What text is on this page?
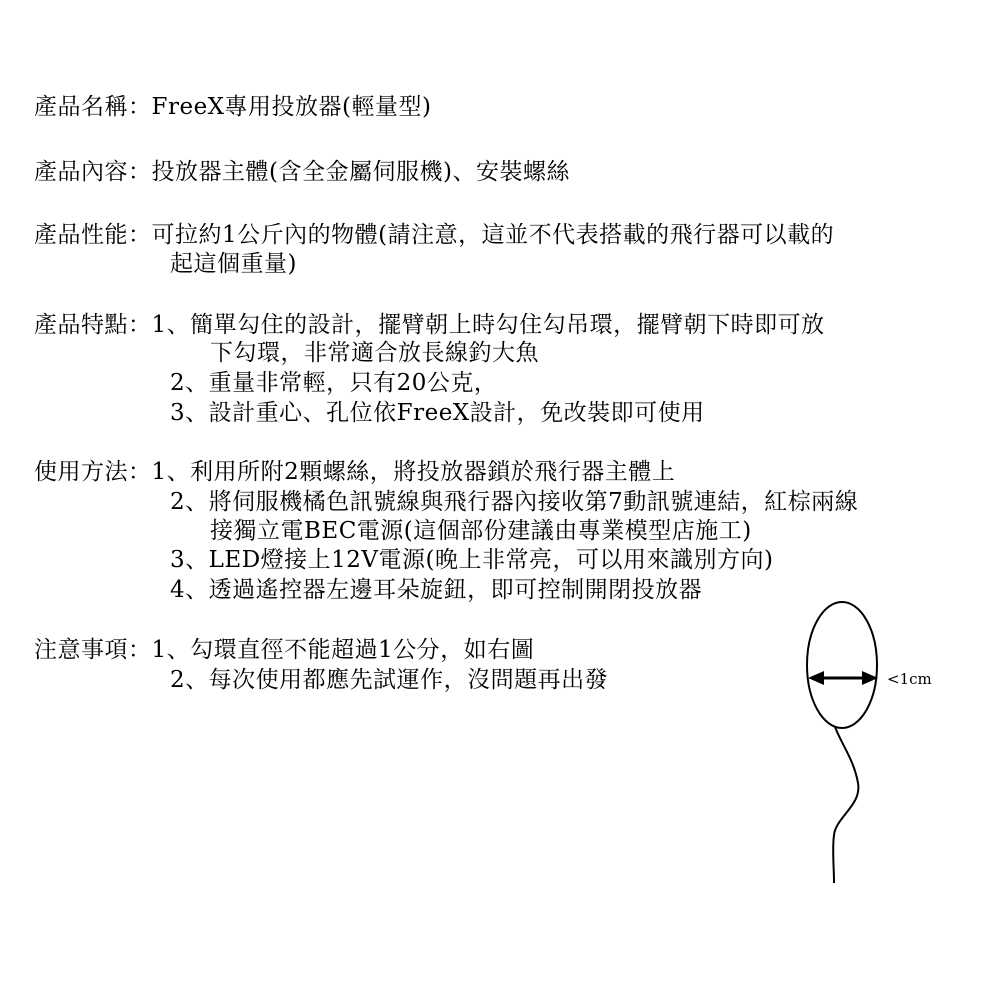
產品名稱：FreeX專用投放器(輕量型)
產品內容：投放器主體(含全金屬伺服機)、安裝螺絲
產品性能：可拉約1公斤內的物體(請注意，這並不代表搭載的飛行器可以載的
起這個重量)
產品特點：1、簡單勾住的設計，擺臂朝上時勾住勾吊環，擺臂朝下時即可放
下勾環，非常適合放長線釣大魚
2、重量非常輕，只有20公克，
3、設計重心、孔位依FreeX設計，免改裝即可使用
使用方法：1、利用所附2顆螺絲，將投放器鎖於飛行器主體上
2、將伺服機橘色訊號線與飛行器內接收第7動訊號連結，紅棕兩線
接獨立電BEC電源(這個部份建議由專業模型店施工)
3、LED燈接上12V電源(晚上非常亮，可以用來識別方向)
4、透過遙控器左邊耳朵旋鈕，即可控制開閉投放器
注意事項：1、勾環直徑不能超過1公分，如右圖
2、每次使用都應先試運作，沒問題再出發	<1cm
